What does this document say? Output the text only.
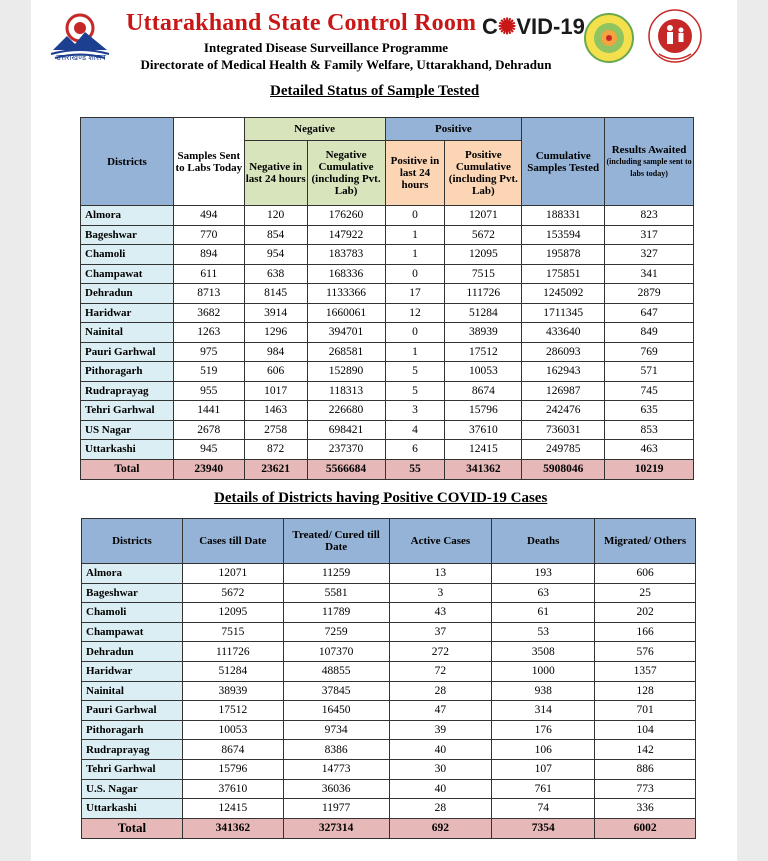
उत्तराखण्ड शासन
Uttarakhand State Control Room C✺VID-19
Integrated Disease Surveillance Programme
Directorate of Medical Health & Family Welfare, Uttarakhand, Dehradun
Detailed Status of Sample Tested
Districts	Samples Sent to Labs Today	Negative		Positive		Cumulative Samples Tested	Results Awaited
(including sample sent to labs today)

		Negative in last 24 hours	Negative Cumulative (including Pvt. Lab)	Positive in last 24 hours	Positive Cumulative (including Pvt. Lab)		
Almora	494	120	176260	0	12071	188331	823
Bageshwar	770	854	147922	1	5672	153594	317
Chamoli	894	954	183783	1	12095	195878	327
Champawat	611	638	168336	0	7515	175851	341
Dehradun	8713	8145	1133366	17	111726	1245092	2879
Haridwar	3682	3914	1660061	12	51284	1711345	647
Nainital	1263	1296	394701	0	38939	433640	849
Pauri Garhwal	975	984	268581	1	17512	286093	769
Pithoragarh	519	606	152890	5	10053	162943	571
Rudraprayag	955	1017	118313	5	8674	126987	745
Tehri Garhwal	1441	1463	226680	3	15796	242476	635
US Nagar	2678	2758	698421	4	37610	736031	853
Uttarkashi	945	872	237370	6	12415	249785	463
Total	23940	23621	5566684	55	341362	5908046	10219
Details of Districts having Positive COVID-19 Cases
Districts	Cases till Date	Treated/ Cured till Date	Active Cases	Deaths	Migrated/ Others
Almora	12071	11259	13	193	606
Bageshwar	5672	5581	3	63	25
Chamoli	12095	11789	43	61	202
Champawat	7515	7259	37	53	166
Dehradun	111726	107370	272	3508	576
Haridwar	51284	48855	72	1000	1357
Nainital	38939	37845	28	938	128
Pauri Garhwal	17512	16450	47	314	701
Pithoragarh	10053	9734	39	176	104
Rudraprayag	8674	8386	40	106	142
Tehri Garhwal	15796	14773	30	107	886
U.S. Nagar	37610	36036	40	761	773
Uttarkashi	12415	11977	28	74	336
Total	341362	327314	692	7354	6002
